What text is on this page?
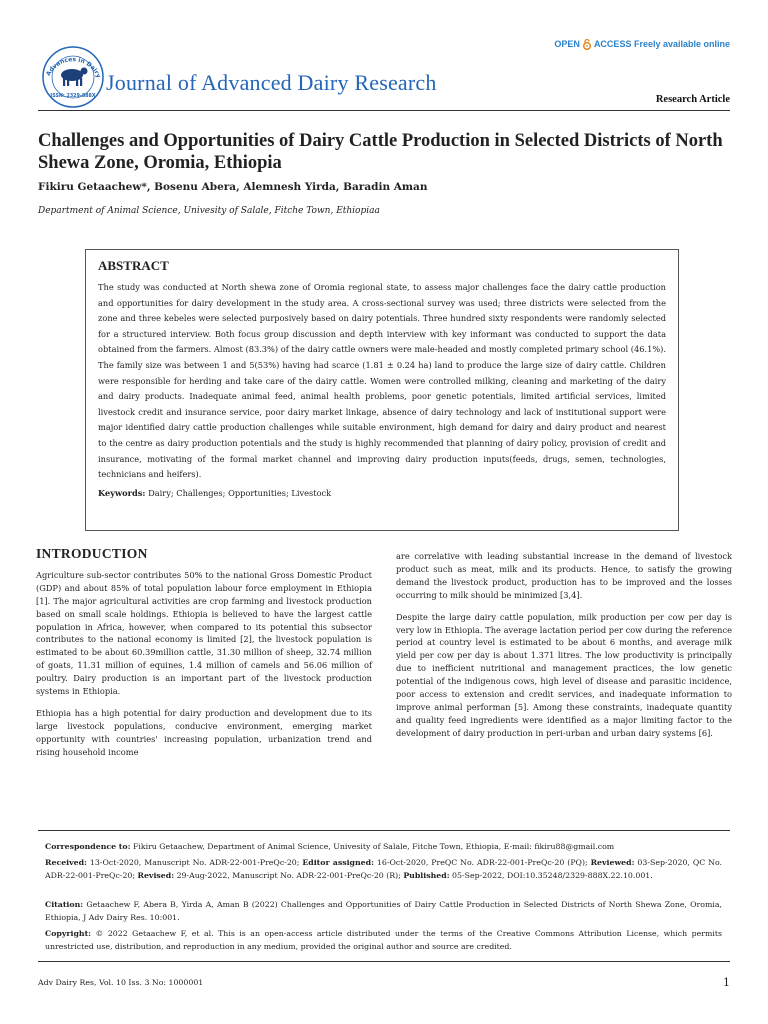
Advances in Dairy
ISSN: 2329-888X
Journal of Advanced Dairy Research
OPEN ACCESS Freely available online
Research Article
Challenges and Opportunities of Dairy Cattle Production in Selected Districts of North Shewa Zone, Oromia, Ethiopia
Fikiru Getaachew*, Bosenu Abera, Alemnesh Yirda, Baradin Aman
Department of Animal Science, Univesity of Salale, Fitche Town, Ethiopiaa
ABSTRACT

The study was conducted at North shewa zone of Oromia regional state, to assess major challenges face the dairy cattle production and opportunities for dairy development in the study area. A cross-sectional survey was used; three districts were selected from the zone and three kebeles were selected purposively based on dairy potentials. Three hundred sixty respondents were randomly selected for a structured interview. Both focus group discussion and depth interview with key informant was conducted to support the data obtained from the farmers. Almost (83.3%) of the dairy cattle owners were male-headed and mostly completed primary school (46.1%). The family size was between 1 and 5(53%) having had scarce (1.81 ± 0.24 ha) land to produce the large size of dairy cattle. Children were responsible for herding and take care of the dairy cattle. Women were controlled milking, cleaning and marketing of the dairy and dairy products. Inadequate animal feed, animal health problems, poor genetic potentials, limited artificial services, limited livestock credit and insurance service, poor dairy market linkage, absence of dairy technology and lack of institutional support were major identified dairy cattle production challenges while suitable environment, high demand for dairy and dairy product and nearest to the centre as dairy production potentials and the study is highly recommended that planning of dairy policy, provision of credit and insurance, motivating of the formal market channel and improving dairy production inputs(feeds, drugs, semen, technologies, technicians and heifers).

Keywords: Dairy; Challenges; Opportunities; Livestock
INTRODUCTION

Agriculture sub-sector contributes 50% to the national Gross Domestic Product (GDP) and about 85% of total population labour force employment in Ethiopia [1]. The major agricultural activities are crop farming and livestock production based on small scale holdings. Ethiopia is believed to have the largest cattle population in Africa, however, when compared to its potential this subsector contributes to the national economy is limited [2], the livestock population is estimated to be about 60.39million cattle, 31.30 million of sheep, 32.74 million of goats, 11.31 million of equines, 1.4 million of camels and 56.06 million of poultry. Dairy production is an important part of the livestock production systems in Ethiopia.

Ethiopia has a high potential for dairy production and development due to its large livestock populations, conducive environment, emerging market opportunity with countries' increasing population, urbanization trend and rising household income

are correlative with leading substantial increase in the demand of livestock product such as meat, milk and its products. Hence, to satisfy the growing demand the livestock product, production has to be improved and the losses occurring to milk should be minimized [3,4].

Despite the large dairy cattle population, milk production per cow per day is very low in Ethiopia. The average lactation period per cow during the reference period at country level is estimated to be about 6 months, and average milk yield per cow per day is about 1.371 litres. The low productivity is principally due to inefficient nutritional and management practices, the low genetic potential of the indigenous cows, high level of disease and parasitic incidence, poor access to extension and credit services, and inadequate information to improve animal performan [5]. Among these constraints, inadequate quantity and quality feed ingredients were identified as a major limiting factor to the development of dairy production in peri-urban and urban dairy systems [6].

Correspondence to: Fikiru Getaachew, Department of Animal Science, Univesity of Salale, Fitche Town, Ethiopia, E-mail: fikiru88@gmail.com
Received: 13-Oct-2020, Manuscript No. ADR-22-001-PreQc-20; Editor assigned: 16-Oct-2020, PreQC No. ADR-22-001-PreQc-20 (PQ); Reviewed: 03-Sep-2020, QC No. ADR-22-001-PreQc-20; Revised: 29-Aug-2022, Manuscript No. ADR-22-001-PreQc-20 (R); Published: 05-Sep-2022, DOI:10.35248/2329-888X.22.10.001.
Citation: Getaachew F, Abera B, Yirda A, Aman B (2022) Challenges and Opportunities of Dairy Cattle Production in Selected Districts of North Shewa Zone, Oromia, Ethiopia, J Adv Dairy Res. 10:001.
Copyright: © 2022 Getaachew F, et al. This is an open-access article distributed under the terms of the Creative Commons Attribution License, which permits unrestricted use, distribution, and reproduction in any medium, provided the original author and source are credited.
Adv Dairy Res, Vol. 10 Iss. 3 No: 1000001	1
